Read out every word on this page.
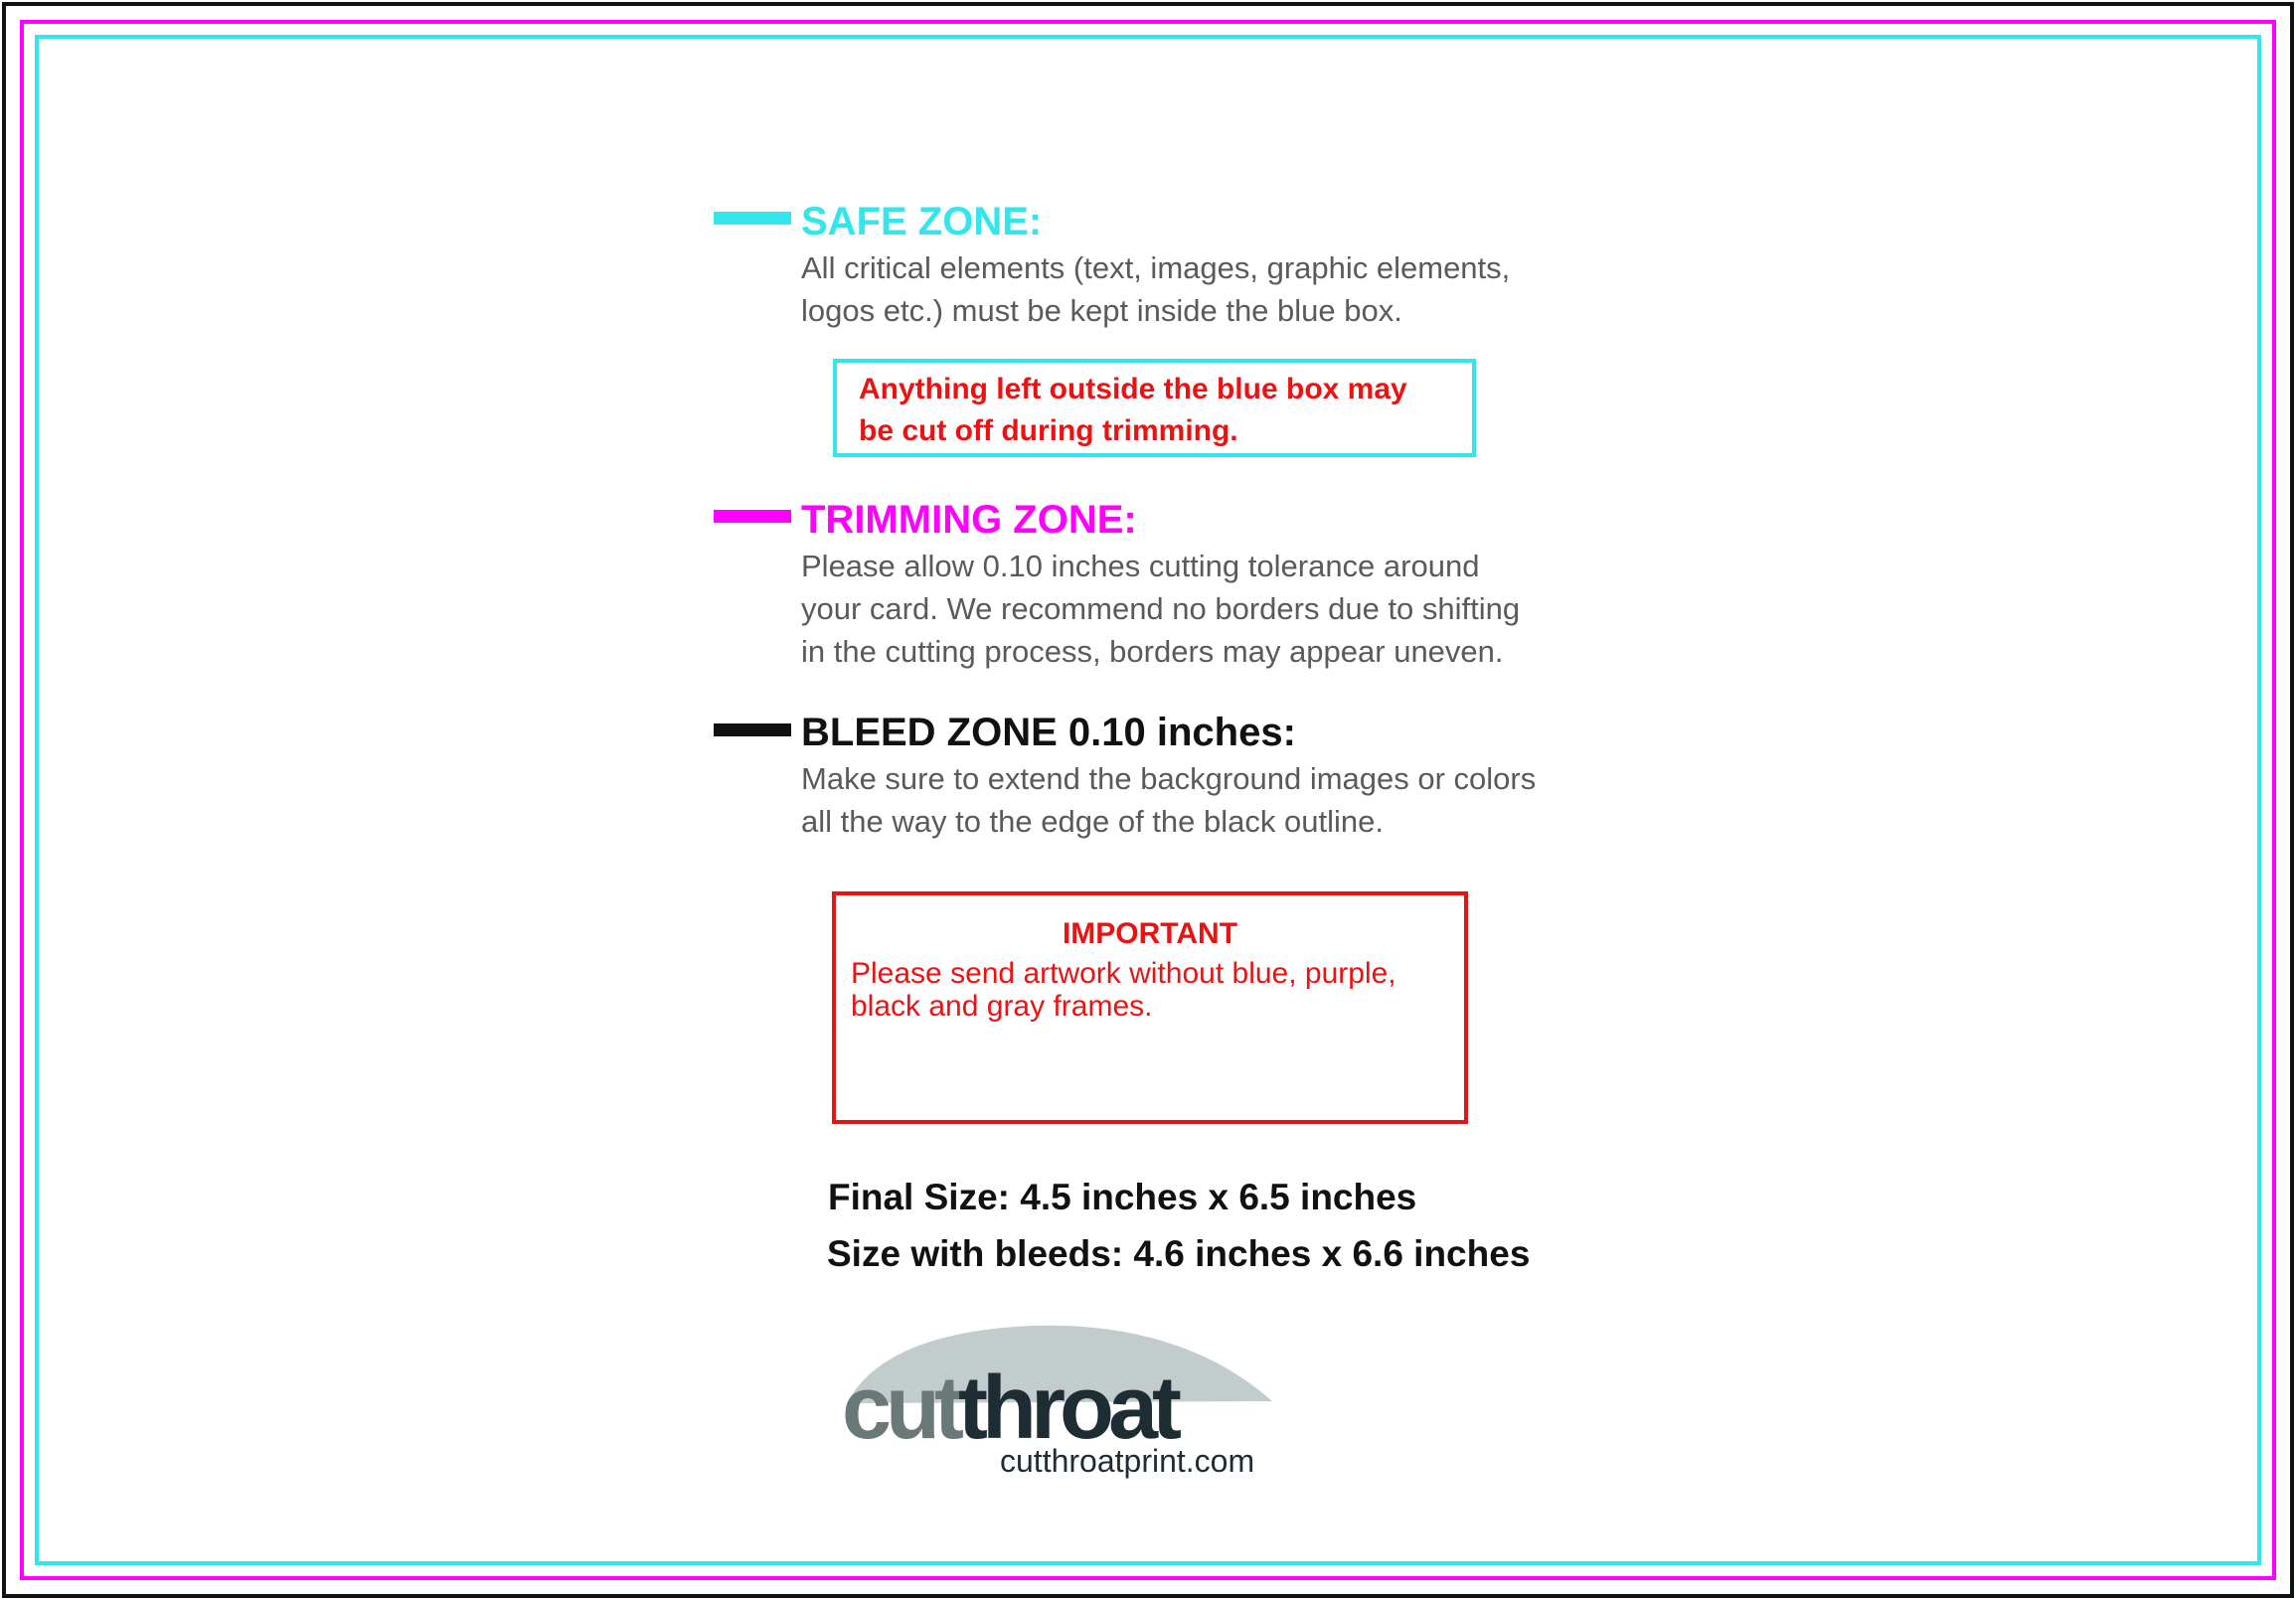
SAFE ZONE:
All critical elements (text, images, graphic elements,
logos etc.) must be kept inside the blue box.
Anything left outside the blue box may
be cut off during trimming.
TRIMMING ZONE:
Please allow 0.10 inches cutting tolerance around
your card. We recommend no borders due to shifting
in the cutting process, borders may appear uneven.
BLEED ZONE 0.10 inches:
Make sure to extend the background images or colors
all the way to the edge of the black outline.
IMPORTANT
Please send artwork without blue, purple,
black and gray frames.
Final Size: 4.5 inches x 6.5 inches
Size with bleeds: 4.6 inches x 6.6 inches
cutthroat
cutthroatprint.com
